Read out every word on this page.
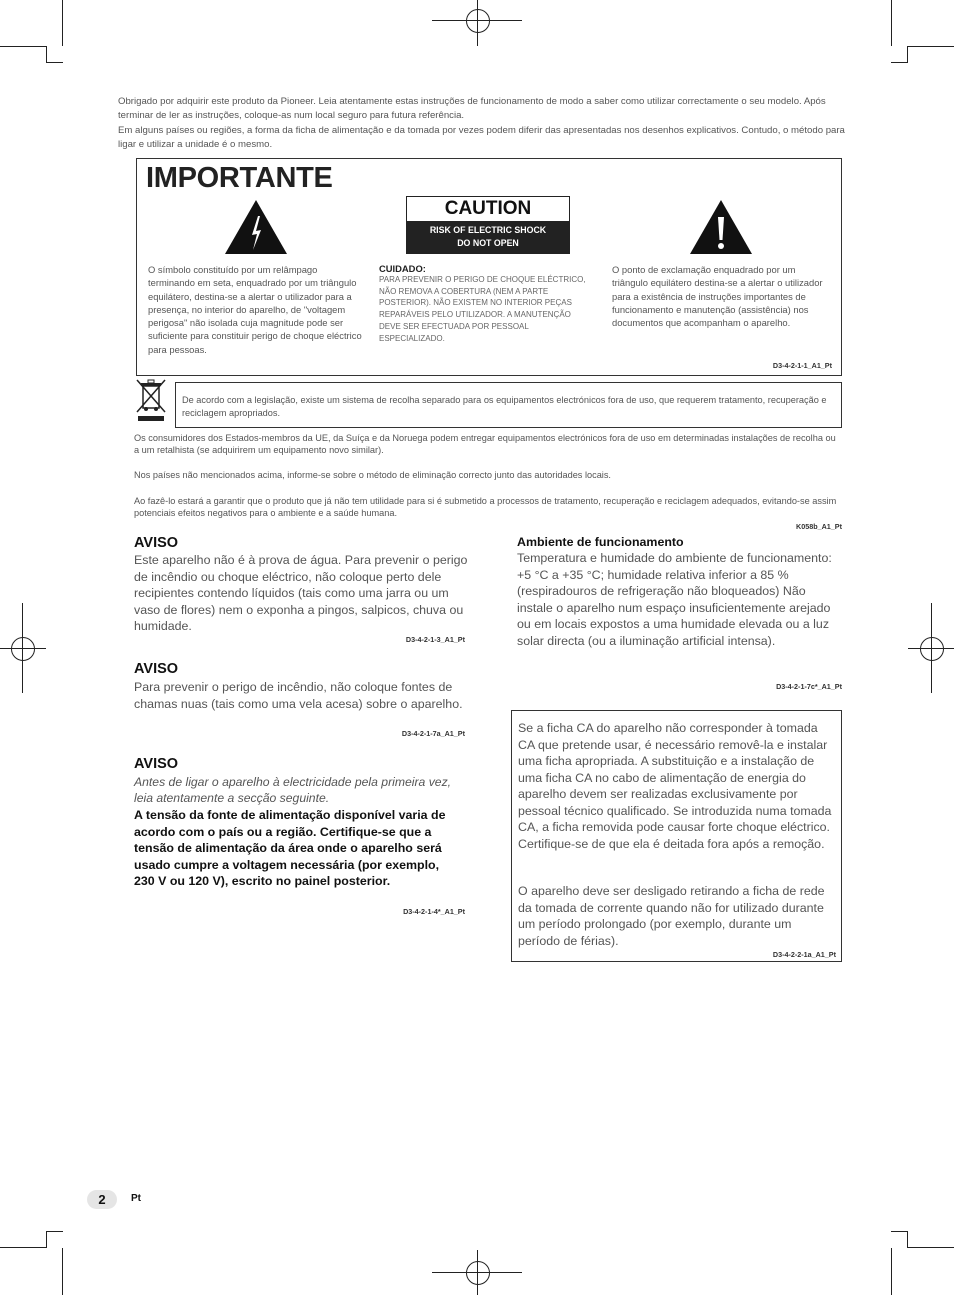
Obrigado por adquirir este produto da Pioneer. Leia atentamente estas instruções de funcionamento de modo a saber como utilizar correctamente o seu modelo. Após terminar de ler as instruções, coloque-as num local seguro para futura referência.

Em alguns países ou regiões, a forma da ficha de alimentação e da tomada por vezes podem diferir das apresentadas nos desenhos explicativos. Contudo, o método para ligar e utilizar a unidade é o mesmo.

IMPORTANTE
CAUTION
RISK OF ELECTRIC SHOCK
DO NOT OPEN
O símbolo constituído por um relâmpago terminando em seta, enquadrado por um triângulo equilátero, destina-se a alertar o utilizador para a presença, no interior do aparelho, de "voltagem perigosa" não isolada cuja magnitude pode ser suficiente para constituir perigo de choque eléctrico para pessoas.
CUIDADO:
PARA PREVENIR O PERIGO DE CHOQUE ELÉCTRICO, NÃO REMOVA A COBERTURA (NEM A PARTE POSTERIOR). NÃO EXISTEM NO INTERIOR PEÇAS REPARÁVEIS PELO UTILIZADOR. A MANUTENÇÃO DEVE SER EFECTUADA POR PESSOAL ESPECIALIZADO.
O ponto de exclamação enquadrado por um triângulo equilátero destina-se a alertar o utilizador para a existência de instruções importantes de funcionamento e manutenção (assistência) nos documentos que acompanham o aparelho.
D3-4-2-1-1_A1_Pt
De acordo com a legislação, existe um sistema de recolha separado para os equipamentos electrónicos fora de uso, que requerem tratamento, recuperação e reciclagem apropriados.
Os consumidores dos Estados-membros da UE, da Suíça e da Noruega podem entregar equipamentos electrónicos fora de uso em determinadas instalações de recolha ou a um retalhista (se adquirirem um equipamento novo similar).
Nos países não mencionados acima, informe-se sobre o método de eliminação correcto junto das autoridades locais.
Ao fazê-lo estará a garantir que o produto que já não tem utilidade para si é submetido a processos de tratamento, recuperação e reciclagem adequados, evitando-se assim potenciais efeitos negativos para o ambiente e a saúde humana.
K058b_A1_Pt
AVISO
Este aparelho não é à prova de água. Para prevenir o perigo de incêndio ou choque eléctrico, não coloque perto dele recipientes contendo líquidos (tais como uma jarra ou um vaso de flores) nem o exponha a pingos, salpicos, chuva ou humidade.
D3-4-2-1-3_A1_Pt
AVISO
Para prevenir o perigo de incêndio, não coloque fontes de chamas nuas (tais como uma vela acesa) sobre o aparelho.
D3-4-2-1-7a_A1_Pt
AVISO
Antes de ligar o aparelho à electricidade pela primeira vez, leia atentamente a secção seguinte.
A tensão da fonte de alimentação disponível varia de acordo com o país ou a região. Certifique-se que a tensão de alimentação da área onde o aparelho será usado cumpre a voltagem necessária (por exemplo, 230 V ou 120 V), escrito no painel posterior.
D3-4-2-1-4*_A1_Pt
Ambiente de funcionamento
Temperatura e humidade do ambiente de funcionamento: +5 °C a +35 °C; humidade relativa inferior a 85 % (respiradouros de refrigeração não bloqueados) Não instale o aparelho num espaço insuficientemente arejado ou em locais expostos a uma humidade elevada ou a luz solar directa (ou a iluminação artificial intensa).
D3-4-2-1-7c*_A1_Pt
Se a ficha CA do aparelho não corresponder à tomada CA que pretende usar, é necessário removê-la e instalar uma ficha apropriada. A substituição e a instalação de uma ficha CA no cabo de alimentação de energia do aparelho devem ser realizadas exclusivamente por pessoal técnico qualificado. Se introduzida numa tomada CA, a ficha removida pode causar forte choque eléctrico. Certifique-se de que ela é deitada fora após a remoção.
O aparelho deve ser desligado retirando a ficha de rede da tomada de corrente quando não for utilizado durante um período prolongado (por exemplo, durante um período de férias).
D3-4-2-2-1a_A1_Pt
2	Pt
